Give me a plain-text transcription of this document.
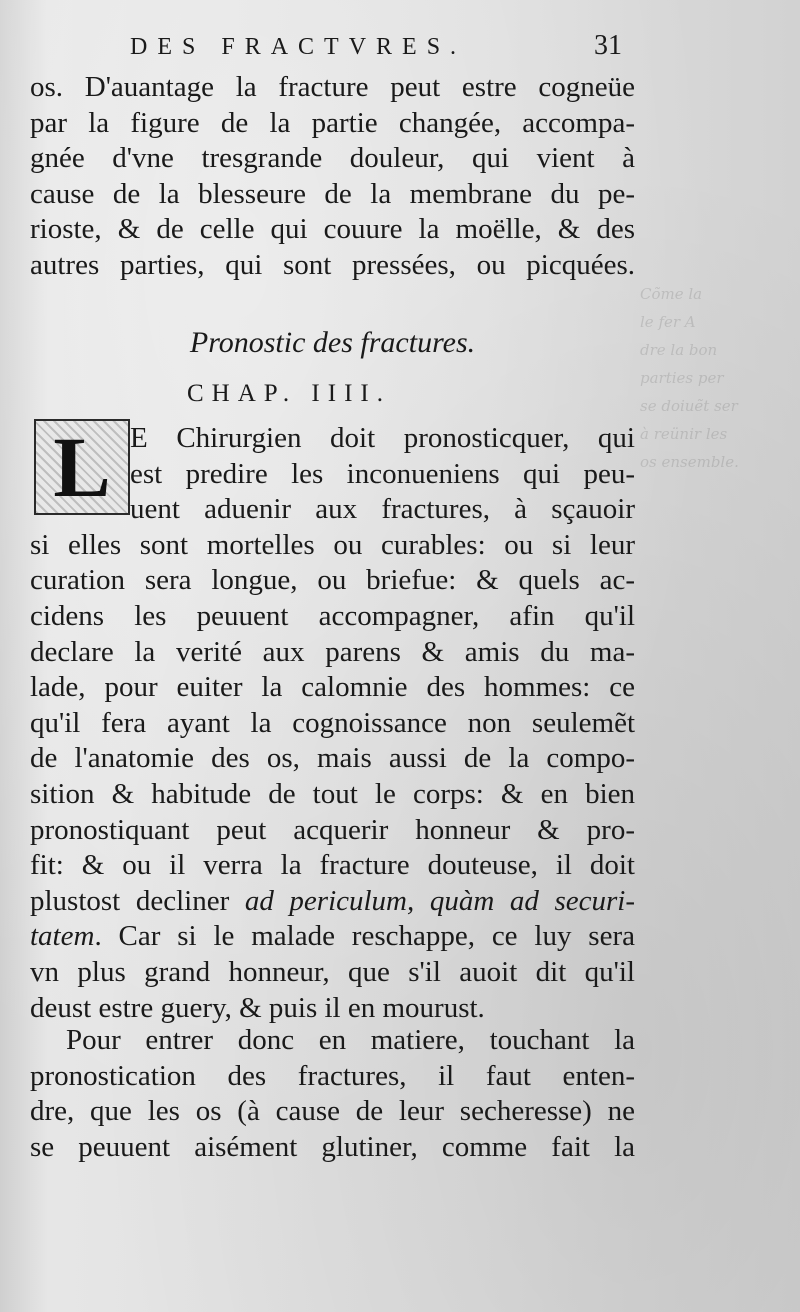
Cõme la
le fer A
dre la bon
parties per
se doiuẽt ser
à reünir les
os ensemble.
DES FRACTVRES.	31
os. D'auantage la fracture peut estre cogneüe
par la figure de la partie changée, accompa-
gnée d'vne tresgrande douleur, qui vient à
cause de la blesseure de la membrane du pe-
rioste, & de celle qui couure la moëlle, & des
autres parties, qui sont pressées, ou picquées.
Pronostic des fractures.
CHAP. IIII.
L E Chirurgien doit pronosticquer, qui
est predire les inconueniens qui peu-
uent aduenir aux fractures, à sçauoir
si elles sont mortelles ou curables: ou si leur
curation sera longue, ou briefue: & quels ac-
cidens les peuuent accompagner, afin qu'il
declare la verité aux parens & amis du ma-
lade, pour euiter la calomnie des hommes: ce
qu'il fera ayant la cognoissance non seulemẽt
de l'anatomie des os, mais aussi de la compo-
sition & habitude de tout le corps: & en bien
pronostiquant peut acquerir honneur & pro-
fit: & ou il verra la fracture douteuse, il doit
plustost decliner ad periculum, quàm ad securi-
tatem. Car si le malade reschappe, ce luy sera
vn plus grand honneur, que s'il auoit dit qu'il
deust estre guery, & puis il en mourust.
Pour entrer donc en matiere, touchant la
pronostication des fractures, il faut enten-
dre, que les os (à cause de leur secheresse) ne
se peuuent aisément glutiner, comme fait la
